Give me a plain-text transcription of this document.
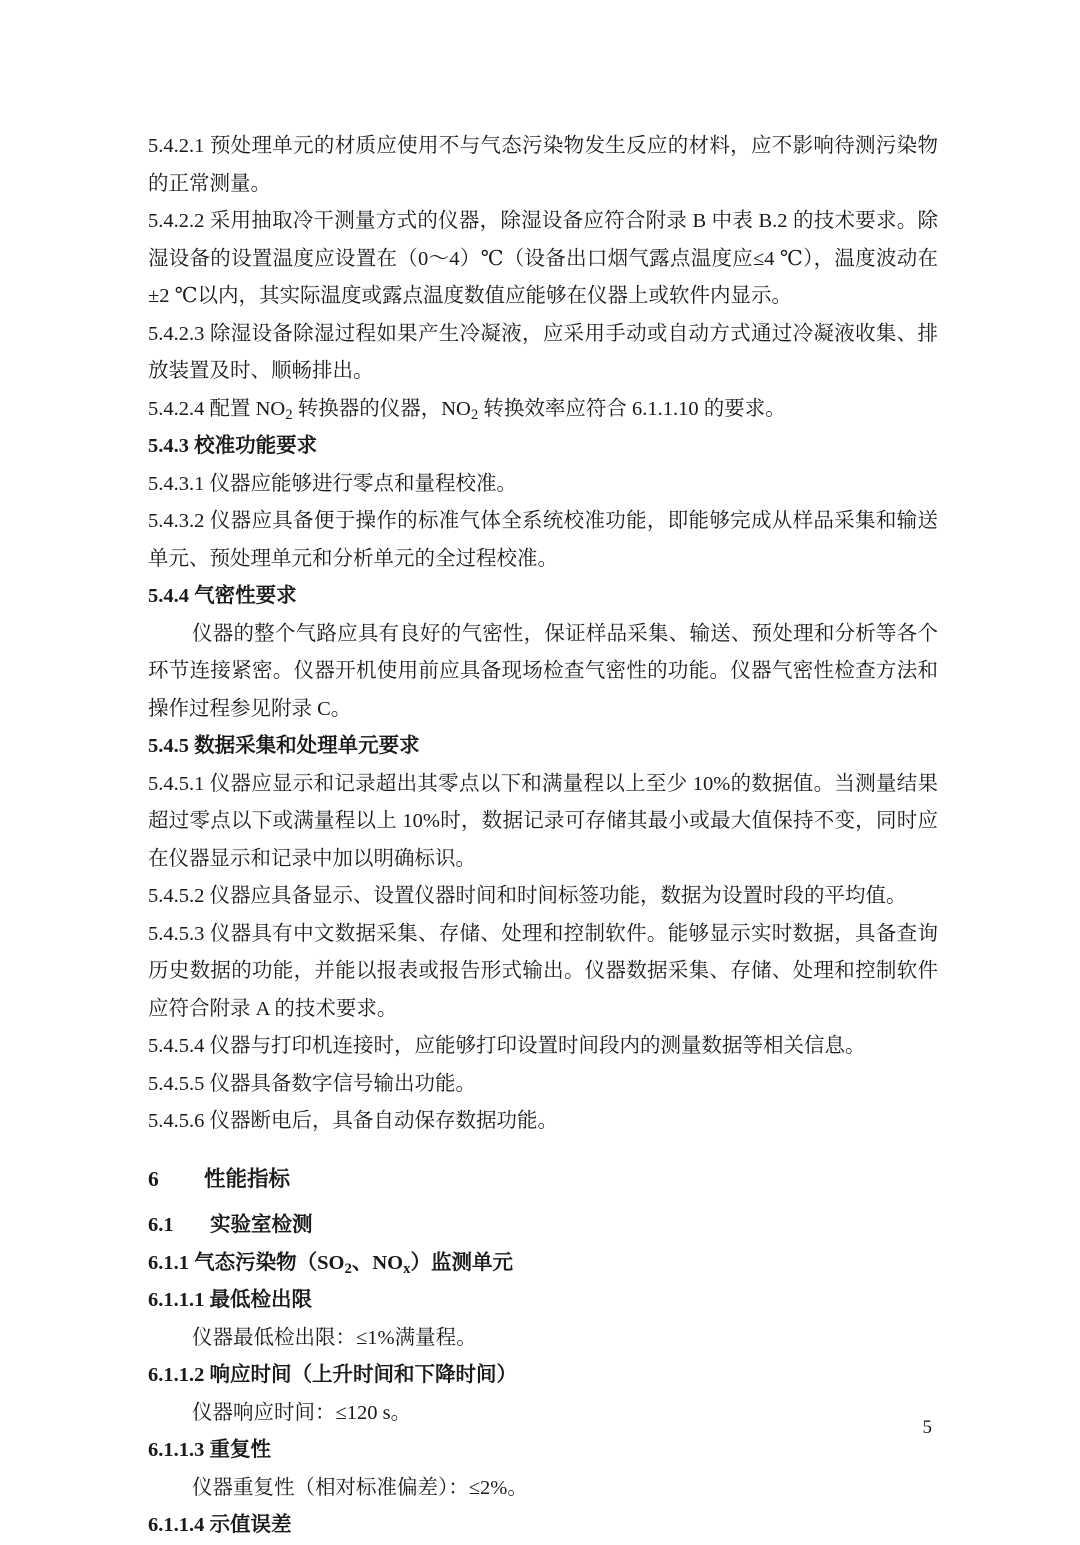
5.4.2.1 预处理单元的材质应使用不与气态污染物发生反应的材料，应不影响待测污染物的正常测量。

5.4.2.2 采用抽取冷干测量方式的仪器，除湿设备应符合附录 B 中表 B.2 的技术要求。除湿设备的设置温度应设置在（0～4）℃（设备出口烟气露点温度应≤4 ℃），温度波动在±2 ℃以内，其实际温度或露点温度数值应能够在仪器上或软件内显示。

5.4.2.3 除湿设备除湿过程如果产生冷凝液，应采用手动或自动方式通过冷凝液收集、排放装置及时、顺畅排出。

5.4.2.4 配置 $NO_2$ 转换器的仪器，$NO_2$ 转换效率应符合 6.1.1.10 的要求。

5.4.3 校准功能要求

5.4.3.1 仪器应能够进行零点和量程校准。

5.4.3.2 仪器应具备便于操作的标准气体全系统校准功能，即能够完成从样品采集和输送单元、预处理单元和分析单元的全过程校准。

5.4.4 气密性要求

仪器的整个气路应具有良好的气密性，保证样品采集、输送、预处理和分析等各个环节连接紧密。仪器开机使用前应具备现场检查气密性的功能。仪器气密性检查方法和操作过程参见附录 C。

5.4.5 数据采集和处理单元要求

5.4.5.1 仪器应显示和记录超出其零点以下和满量程以上至少 10%的数据值。当测量结果超过零点以下或满量程以上 10%时，数据记录可存储其最小或最大值保持不变，同时应在仪器显示和记录中加以明确标识。

5.4.5.2 仪器应具备显示、设置仪器时间和时间标签功能，数据为设置时段的平均值。

5.4.5.3 仪器具有中文数据采集、存储、处理和控制软件。能够显示实时数据，具备查询历史数据的功能，并能以报表或报告形式输出。仪器数据采集、存储、处理和控制软件应符合附录 A 的技术要求。

5.4.5.4 仪器与打印机连接时，应能够打印设置时间段内的测量数据等相关信息。

5.4.5.5 仪器具备数字信号输出功能。

5.4.5.6 仪器断电后，具备自动保存数据功能。

6 性能指标

6.1 实验室检测

6.1.1 气态污染物（$SO_2$、$NO_x$）监测单元

6.1.1.1 最低检出限

仪器最低检出限：≤1%满量程。

6.1.1.2 响应时间（上升时间和下降时间）

仪器响应时间：≤120 s。

6.1.1.3 重复性

仪器重复性（相对标准偏差）：≤2%。

6.1.1.4 示值误差

5
